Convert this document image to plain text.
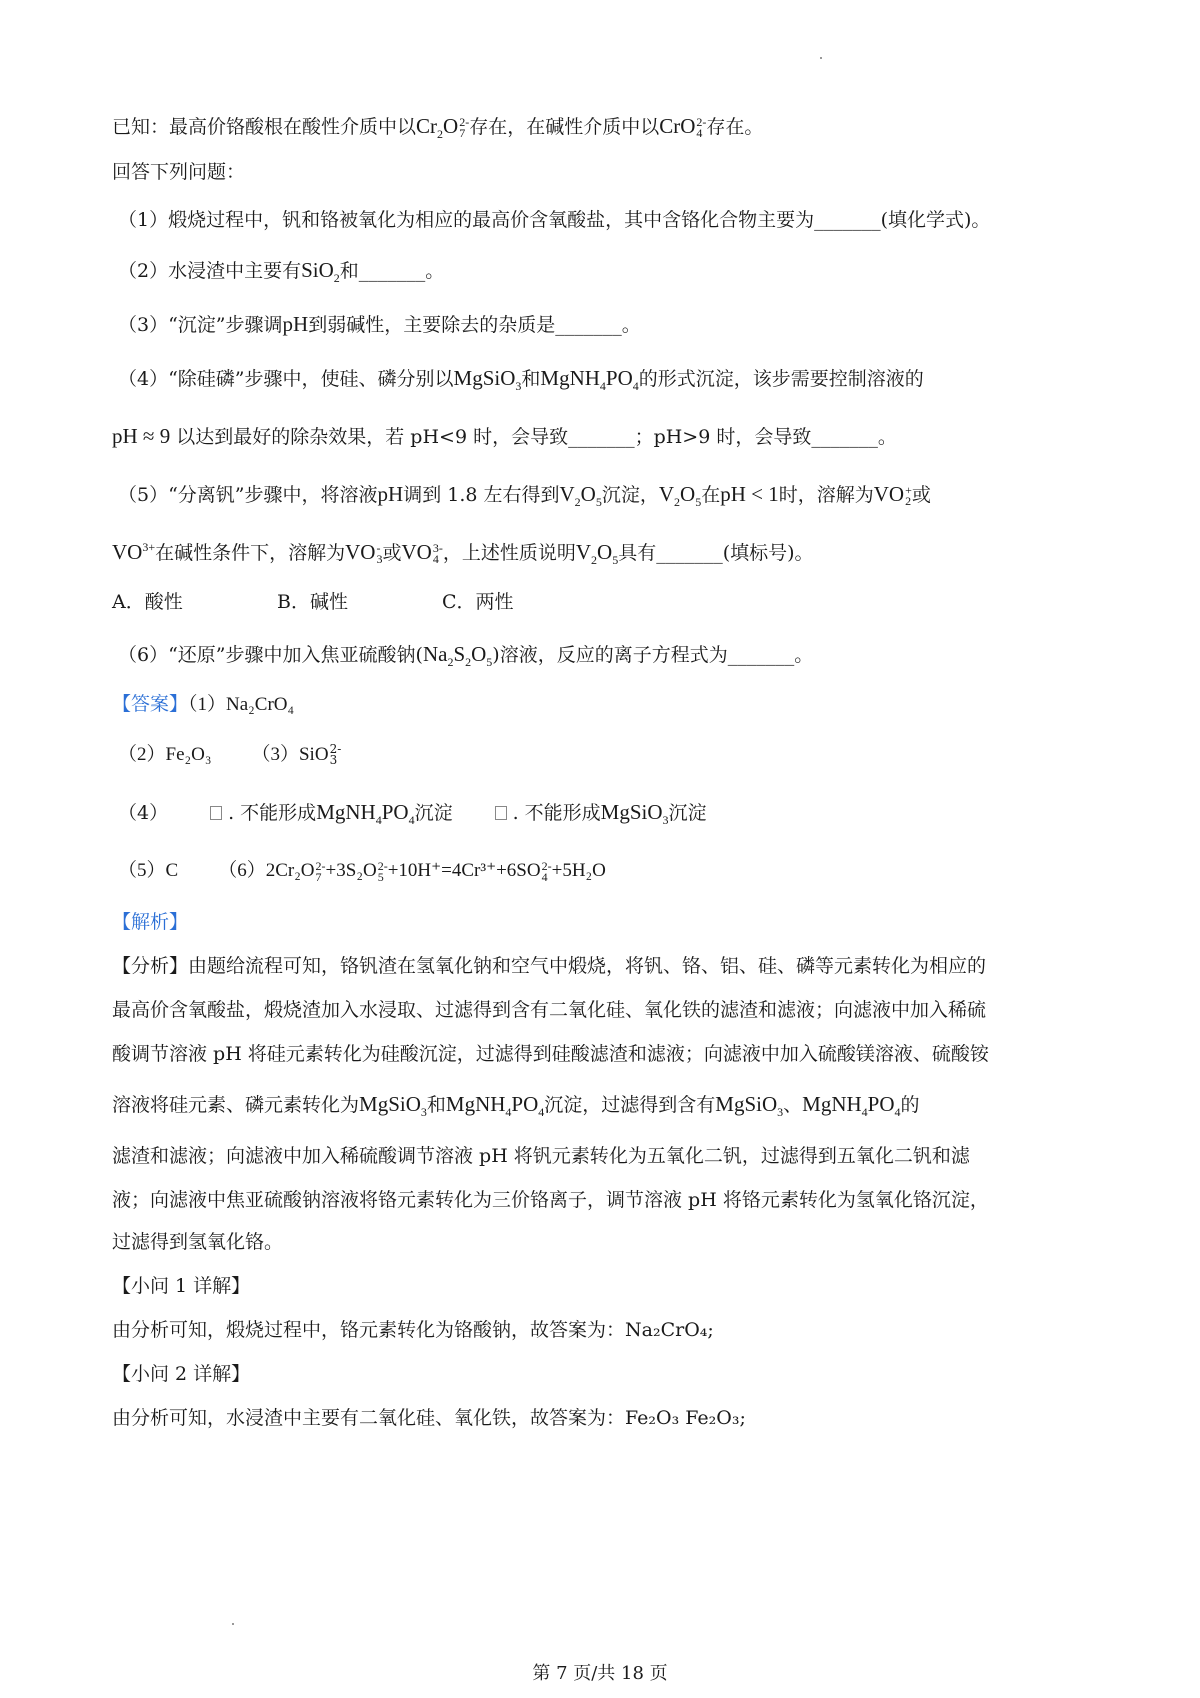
已知：最高价铬酸根在酸性介质中以$Cr_2O$ 2-
7 存在，在碱性介质中以CrO 2-
4 存在。
回答下列问题：
（1）煅烧过程中，钒和铬被氧化为相应的最高价含氧酸盐，其中含铬化合物主要为_______(填化学式)。
（2）水浸渣中主要有SiO$_2$和_______。
（3）“沉淀”步骤调pH到弱碱性，主要除去的杂质是_______。
（4）“除硅磷”步骤中，使硅、磷分别以MgSiO$_3$和$MgNH_4PO_4$的形式沉淀，该步需要控制溶液的
pH ≈ 9 以达到最好的除杂效果，若 pH<9 时，会导致_______；pH>9 时，会导致_______。
（5）“分离钒”步骤中，将溶液pH调到 1.8 左右得到$V_2O_5$沉淀，$V_2O_5$在pH < 1时，溶解为VO +
2 或
$VO^{3+}$在碱性条件下，溶解为VO -
3 或VO 3-
4 ，上述性质说明$V_2O_5$具有_______(填标号)。
A．酸性	B．碱性	C．两性
（6）“还原”步骤中加入焦亚硫酸钠$(Na_2S_2O_5)$溶液，反应的离子方程式为_______。
【答案】（1）Na₂CrO₄
（2）Fe₂O₃ （3）SiO 2-
3
（4）	. 不能形成$MgNH_4PO_4$沉淀	. 不能形成MgSiO$_3$沉淀
（5）C （6）2Cr₂O 2-
7 +3S₂O 2-
5 +10H⁺=4Cr³⁺+6SO 2-
4 +5H₂O
【解析】
【分析】由题给流程可知，铬钒渣在氢氧化钠和空气中煅烧，将钒、铬、铝、硅、磷等元素转化为相应的
最高价含氧酸盐，煅烧渣加入水浸取、过滤得到含有二氧化硅、氧化铁的滤渣和滤液；向滤液中加入稀硫
酸调节溶液 pH 将硅元素转化为硅酸沉淀，过滤得到硅酸滤渣和滤液；向滤液中加入硫酸镁溶液、硫酸铵
溶液将硅元素、磷元素转化为MgSiO$_3$和$MgNH_4PO_4$沉淀，过滤得到含有MgSiO$_3$、$MgNH_4PO_4$的
滤渣和滤液；向滤液中加入稀硫酸调节溶液 pH 将钒元素转化为五氧化二钒，过滤得到五氧化二钒和滤
液；向滤液中焦亚硫酸钠溶液将铬元素转化为三价铬离子，调节溶液 pH 将铬元素转化为氢氧化铬沉淀，
过滤得到氢氧化铬。
【小问 1 详解】
由分析可知，煅烧过程中，铬元素转化为铬酸钠，故答案为：Na₂CrO₄;
【小问 2 详解】
由分析可知，水浸渣中主要有二氧化硅、氧化铁，故答案为：Fe₂O₃ Fe₂O₃;
第 7 页/共 18 页
